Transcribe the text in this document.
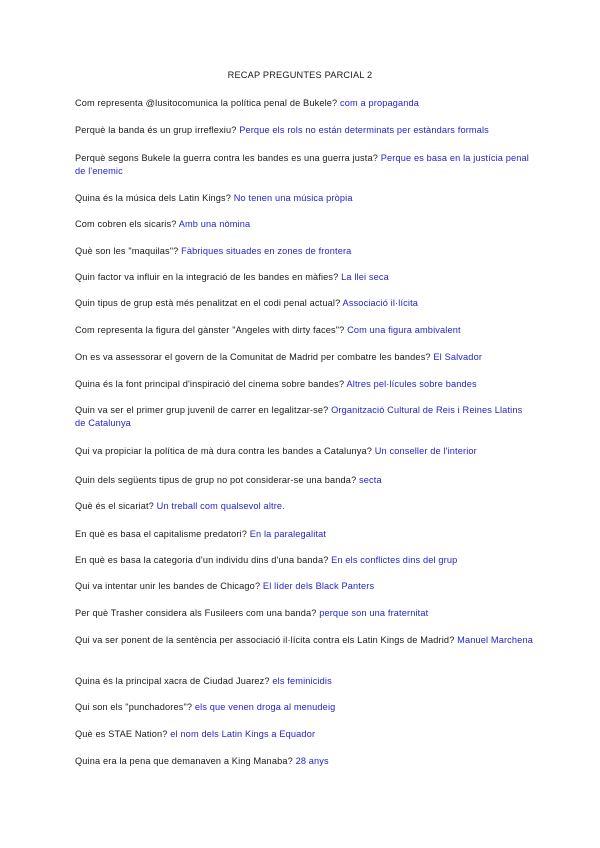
RECAP PREGUNTES PARCIAL 2
Com representa @lusitocomunica la política penal de Bukele? com a propaganda
Perquè la banda és un grup irreflexiu? Perque els rols no están determinats per estàndars formals
Perquè segons Bukele la guerra contra les bandes es una guerra justa? Perque es basa en la justícia penal de l'enemic
Quina és la música dels Latin Kings? No tenen una música pròpia
Com cobren els sicaris? Amb una nòmina
Què son les "maquilas"? Fàbriques situades en zones de frontera
Quin factor va influir en la integració de les bandes en màfies? La llei seca
Quin tipus de grup està més penalitzat en el codi penal actual? Associació il·lícita
Com representa la figura del gànster "Angeles with dirty faces"? Com una figura ambivalent
On es va assessorar el govern de la Comunitat de Madrid per combatre les bandes? El Salvador
Quina és la font principal d'inspiració del cinema sobre bandes? Altres pel·lícules sobre bandes
Quin va ser el primer grup juvenil de carrer en legalitzar-se? Organització Cultural de Reis i Reines Llatins de Catalunya
Qui va propiciar la política de mà dura contra les bandes a Catalunya? Un conseller de l'interior
Quin dels següents tipus de grup no pot considerar-se una banda? secta
Què és el sicariat? Un treball com qualsevol altre.
En què es basa el capitalisme predatori? En la paralegalitat
En què es basa la categoria d'un individu dins d'una banda? En els conflictes dins del grup
Qui va intentar unir les bandes de Chicago? El líder dels Black Panters
Per què Trasher considera als Fusileers com una banda? perque son una fraternitat
Qui va ser ponent de la sentència per associació il·lícita contra els Latin Kings de Madrid? Manuel Marchena
Quina és la principal xacra de Ciudad Juarez? els feminicidis
Qui son els "punchadores"? els que venen droga al menudeig
Què es STAE Nation? el nom dels Latin Kings a Equador
Quina era la pena que demanaven a King Manaba? 28 anys
